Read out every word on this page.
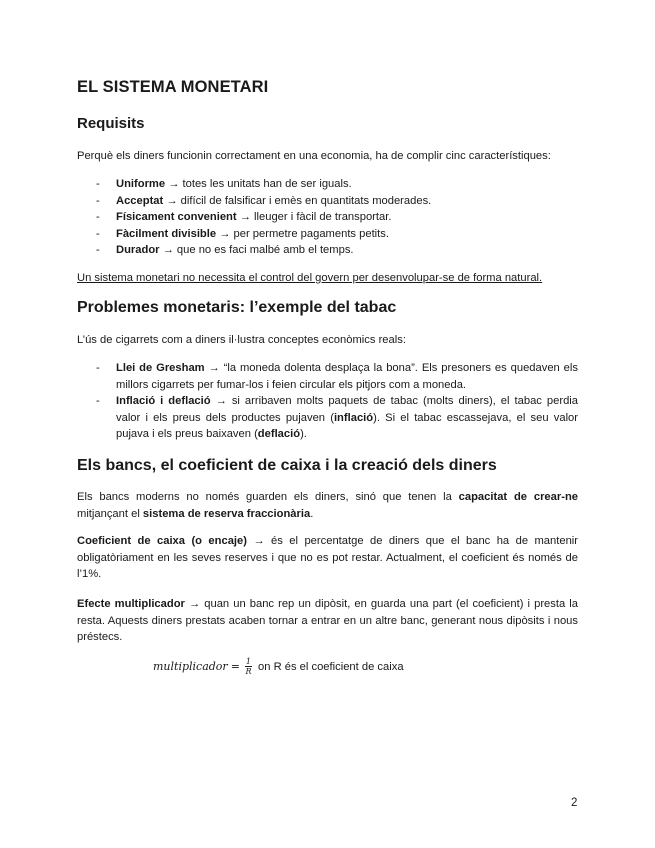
EL SISTEMA MONETARI
Requisits

Perquè els diners funcionin correctament en una economia, ha de complir cinc característiques:

- Uniforme → totes les unitats han de ser iguals.
- Acceptat → difícil de falsificar i emès en quantitats moderades.
- Físicament convenient → lleuger i fàcil de transportar.
- Fàcilment divisible → per permetre pagaments petits.
- Durador → que no es faci malbé amb el temps.

Un sistema monetari no necessita el control del govern per desenvolupar-se de forma natural.

Problemes monetaris: l’exemple del tabac

L’ús de cigarrets com a diners il·lustra conceptes econòmics reals:

- Llei de Gresham → “la moneda dolenta desplaça la bona”. Els presoners es quedaven els millors cigarrets per fumar-los i feien circular els pitjors com a moneda.
- Inflació i deflació → si arribaven molts paquets de tabac (molts diners), el tabac perdia valor i els preus dels productes pujaven (inflació). Si el tabac escassejava, el seu valor pujava i els preus baixaven (deflació).
Els bancs, el coeficient de caixa i la creació dels diners

Els bancs moderns no només guarden els diners, sinó que tenen la capacitat de crear-ne mitjançant el sistema de reserva fraccionària.

Coeficient de caixa (o encaje) → és el percentatge de diners que el banc ha de mantenir obligatòriament en les seves reserves i que no es pot restar. Actualment, el coeficient és només de l’1%.

Efecte multiplicador → quan un banc rep un dipòsit, en guarda una part (el coeficient) i presta la resta. Aquests diners prestats acaben tornar a entrar en un altre banc, generant nous dipòsits i nous préstecs.

multiplicador = $\frac{1}{R}$ on R és el coeficient de caixa
2
